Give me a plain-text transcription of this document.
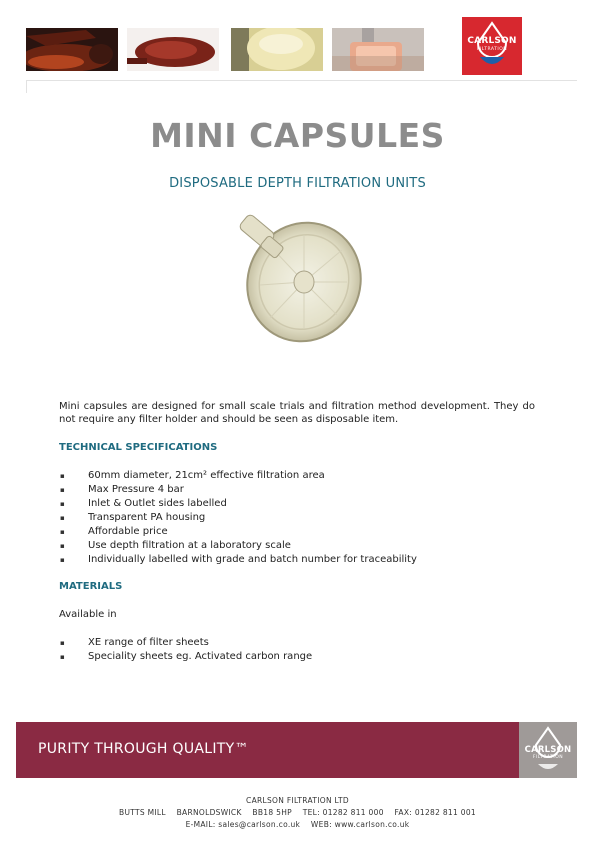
CARLSON
FILTRATION
MINI CAPSULES
DISPOSABLE DEPTH FILTRATION UNITS
Mini capsules are designed for small scale trials and filtration method development. They do not require any filter holder and should be seen as disposable item.
TECHNICAL SPECIFICATIONS
▪ 60mm diameter, 21cm² effective filtration area
▪ Max Pressure 4 bar
▪ Inlet & Outlet sides labelled
▪ Transparent PA housing
▪ Affordable price
▪ Use depth filtration at a laboratory scale
▪ Individually labelled with grade and batch number for traceability
MATERIALS
Available in
▪ XE range of filter sheets
▪ Speciality sheets eg. Activated carbon range
PURITY THROUGH QUALITY™	CARLSON
FILTRATION
CARLSON FILTRATION LTD
BUTTS MILL    BARNOLDSWICK    BB18 5HP    TEL: 01282 811 000    FAX: 01282 811 001
E-MAIL: sales@carlson.co.uk    WEB: www.carlson.co.uk
